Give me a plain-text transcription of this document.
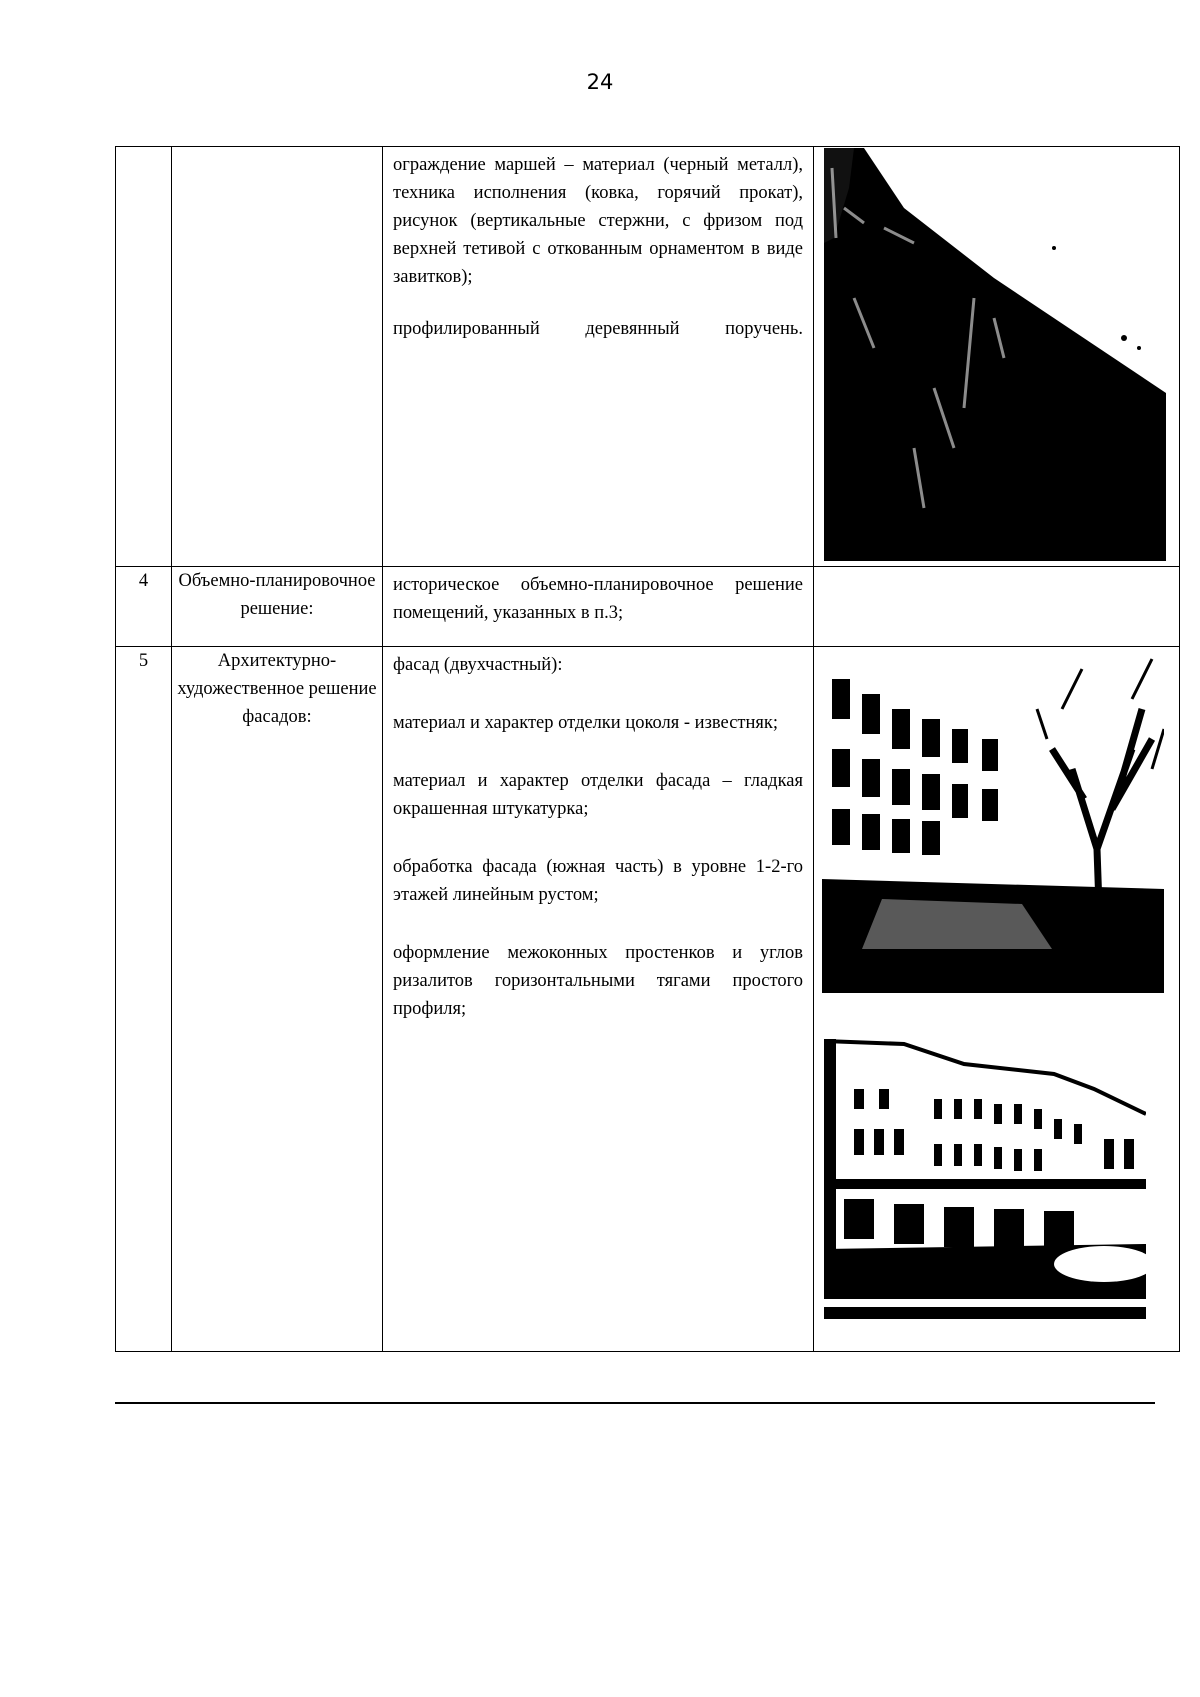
24

		ограждение маршей – материал (черный металл), техника исполнения (ковка, горячий прокат), рисунок (вертикальные стержни, с фризом под верхней тетивой с откованным орнаментом в виде завитков);

профилированный деревянный поручень.

4	Объемно-планировочное решение:	историческое объемно-планировочное решение помещений, указанных в п.3;	

5	Архитектурно-художественное решение фасадов:	фасад (двухчастный):

материал и характер отделки цоколя - известняк;

материал и характер отделки фасада – гладкая окрашенная штукатурка;

обработка фасада (южная часть) в уровне 1-2-го этажей линейным рустом;

оформление межоконных простенков и углов ризалитов горизонтальными тягами простого профиля;
